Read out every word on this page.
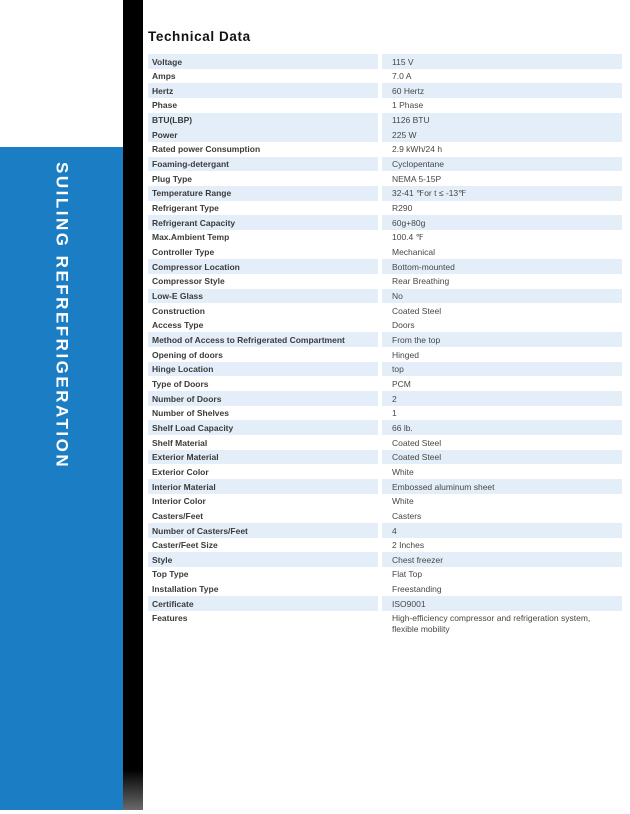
SUILING REFREFRIGERATION
Technical Data
Voltage	115 V
Amps	7.0 A
Hertz	60 Hertz
Phase	1 Phase
BTU(LBP)	1126 BTU
Power	225 W
Rated power Consumption	2.9 kWh/24 h
Foaming-detergant	Cyclopentane
Plug Type	NEMA 5-15P
Temperature Range	32-41 ℉or t ≤ -13℉
Refrigerant Type	R290
Refrigerant Capacity	60g+80g
Max.Ambient Temp	100.4 ℉
Controller Type	Mechanical
Compressor Location	Bottom-mounted
Compressor Style	Rear Breathing
Low-E Glass	No
Construction	Coated Steel
Access Type	Doors
Method of Access to Refrigerated Compartment	From the top
Opening of doors	Hinged
Hinge Location	top
Type of Doors	PCM
Number of Doors	2
Number of Shelves	1
Shelf Load Capacity	66 lb.
Shelf Material	Coated Steel
Exterior Material	Coated Steel
Exterior Color	White
Interior Material	Embossed aluminum sheet
Interior Color	White
Casters/Feet	Casters
Number of Casters/Feet	4
Caster/Feet Size	2 Inches
Style	Chest freezer
Top Type	Flat Top
Installation Type	Freestanding
Certificate	ISO9001
Features	High-efficiency compressor and refrigeration system, flexible mobility
